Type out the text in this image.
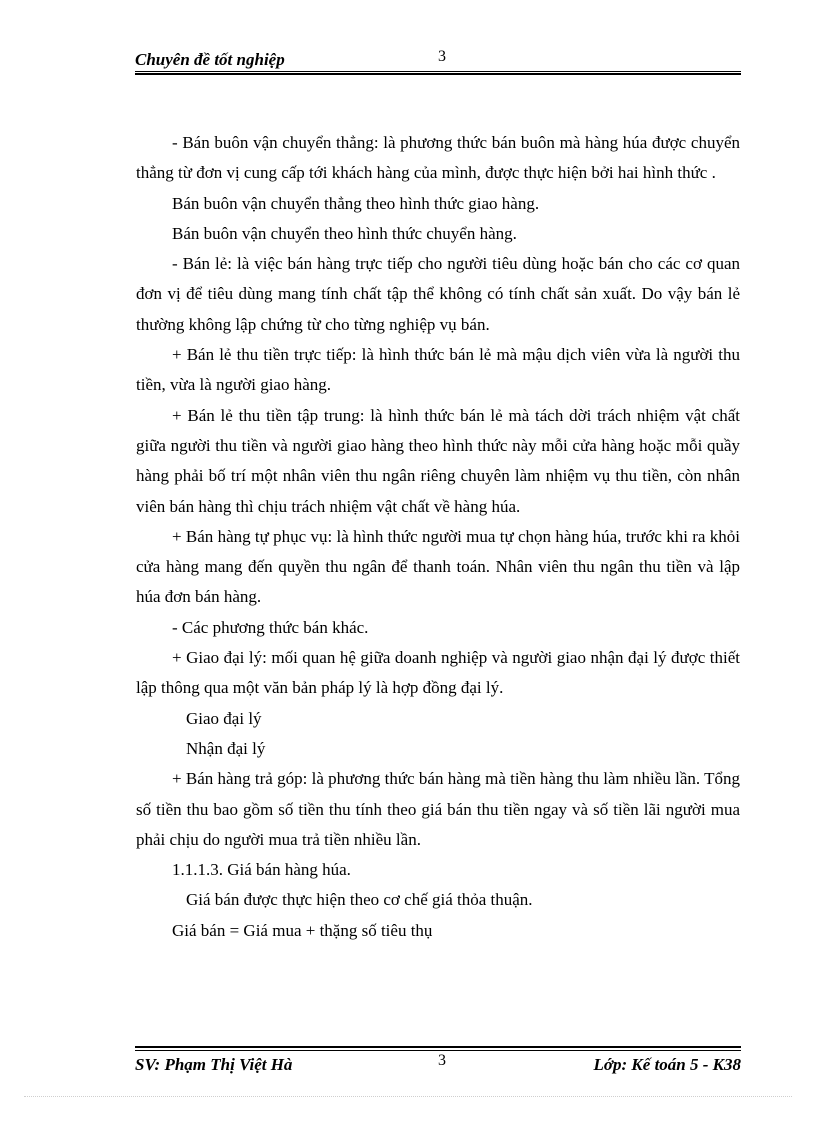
Chuyên đề tốt nghiệp	3

- Bán buôn vận chuyển thẳng: là phương thức bán buôn mà hàng húa được chuyển thẳng từ đơn vị cung cấp tới khách hàng của mình, được thực hiện bởi hai hình thức .

Bán buôn vận chuyển thẳng theo hình thức giao hàng.

Bán buôn vận chuyển theo hình thức chuyển hàng.

- Bán lẻ: là việc bán hàng trực tiếp cho người tiêu dùng hoặc bán cho các cơ quan đơn vị để tiêu dùng mang tính chất tập thể không có tính chất sản xuất. Do vậy bán lẻ thường không lập chứng từ cho từng nghiệp vụ bán.

+ Bán lẻ thu tiền trực tiếp: là hình thức bán lẻ mà mậu dịch viên vừa là người thu tiền, vừa là người giao hàng.

+ Bán lẻ thu tiền tập trung: là hình thức bán lẻ mà tách dời trách nhiệm vật chất giữa người thu tiền và người giao hàng theo hình thức này mỗi cửa hàng hoặc mỗi quầy hàng phải bố trí một nhân viên thu ngân riêng chuyên làm nhiệm vụ thu tiền, còn nhân viên bán hàng thì chịu trách nhiệm vật chất về hàng húa.

+ Bán hàng tự phục vụ: là hình thức người mua tự chọn hàng húa, trước khi ra khỏi cửa hàng mang đến quyền thu ngân để thanh toán. Nhân viên thu ngân thu tiền và lập húa đơn bán hàng.

- Các phương thức bán khác.

+ Giao đại lý: mối quan hệ giữa doanh nghiệp và người giao nhận đại lý được thiết lập thông qua một văn bản pháp lý là hợp đồng đại lý.

Giao đại lý

Nhận đại lý

+ Bán hàng trả góp: là phương thức bán hàng mà tiền hàng thu làm nhiều lần. Tổng số tiền thu bao gồm số tiền thu tính theo giá bán thu tiền ngay và số tiền lãi người mua phải chịu do người mua trả tiền nhiều lần.

1.1.1.3. Giá bán hàng húa.

Giá bán được thực hiện theo cơ chế giá thỏa thuận.

Giá bán = Giá mua + thặng số tiêu thụ

SV: Phạm Thị Việt Hà	3	Lớp: Kế toán 5 - K38
